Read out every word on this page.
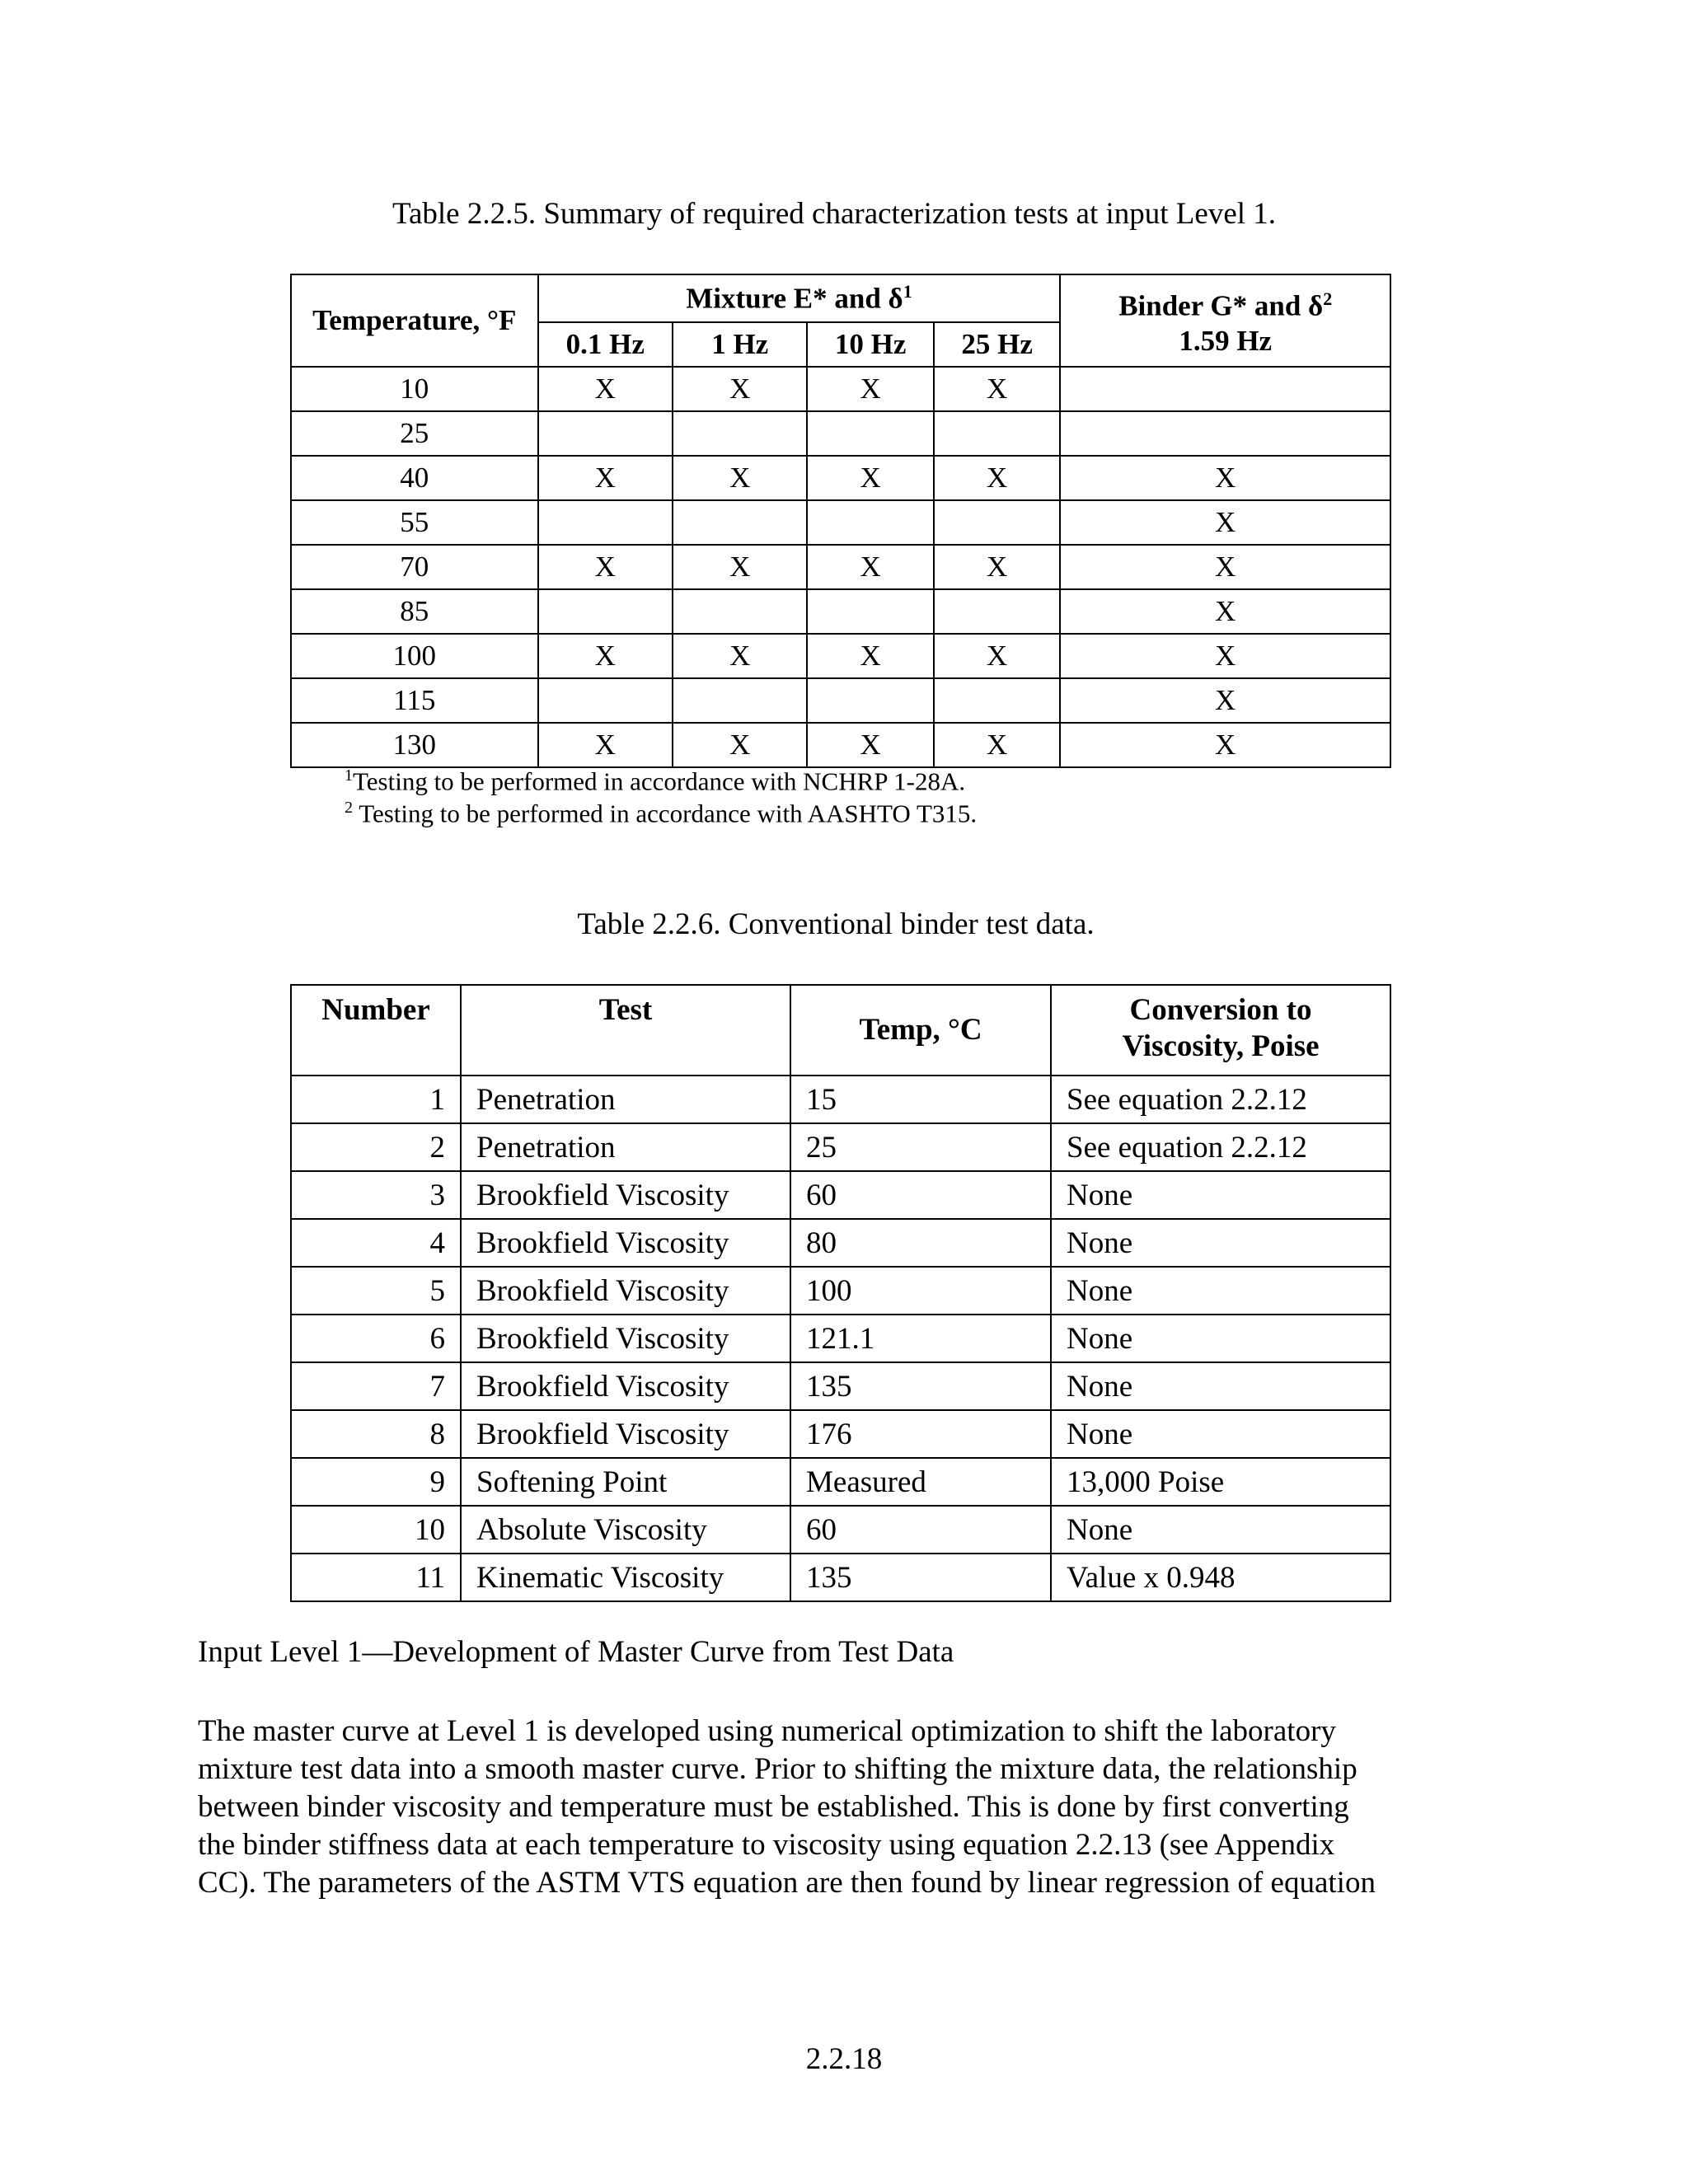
Table 2.2.5. Summary of required characterization tests at input Level 1.
Temperature, °F	Mixture E* and $\delta^1$				Binder G* and $\delta^2$
1.59 Hz
	0.1 Hz	1 Hz	10 Hz	25 Hz	
10	X	X	X	X	
25					
40	X	X	X	X	X
55					X
70	X	X	X	X	X
85					X
100	X	X	X	X	X
115					X
130	X	X	X	X	X
$^1$Testing to be performed in accordance with NCHRP 1-28A.
$^2$ Testing to be performed in accordance with AASHTO T315.
Table 2.2.6. Conventional binder test data.
Number	Test	Temp, °C	Conversion to
Viscosity, Poise
1	Penetration	15	See equation 2.2.12
2	Penetration	25	See equation 2.2.12
3	Brookfield Viscosity	60	None
4	Brookfield Viscosity	80	None
5	Brookfield Viscosity	100	None
6	Brookfield Viscosity	121.1	None
7	Brookfield Viscosity	135	None
8	Brookfield Viscosity	176	None
9	Softening Point	Measured	13,000 Poise
10	Absolute Viscosity	60	None
11	Kinematic Viscosity	135	Value x 0.948
Input Level 1—Development of Master Curve from Test Data
The master curve at Level 1 is developed using numerical optimization to shift the laboratory
mixture test data into a smooth master curve. Prior to shifting the mixture data, the relationship
between binder viscosity and temperature must be established. This is done by first converting
the binder stiffness data at each temperature to viscosity using equation 2.2.13 (see Appendix
CC). The parameters of the ASTM VTS equation are then found by linear regression of equation
2.2.18
